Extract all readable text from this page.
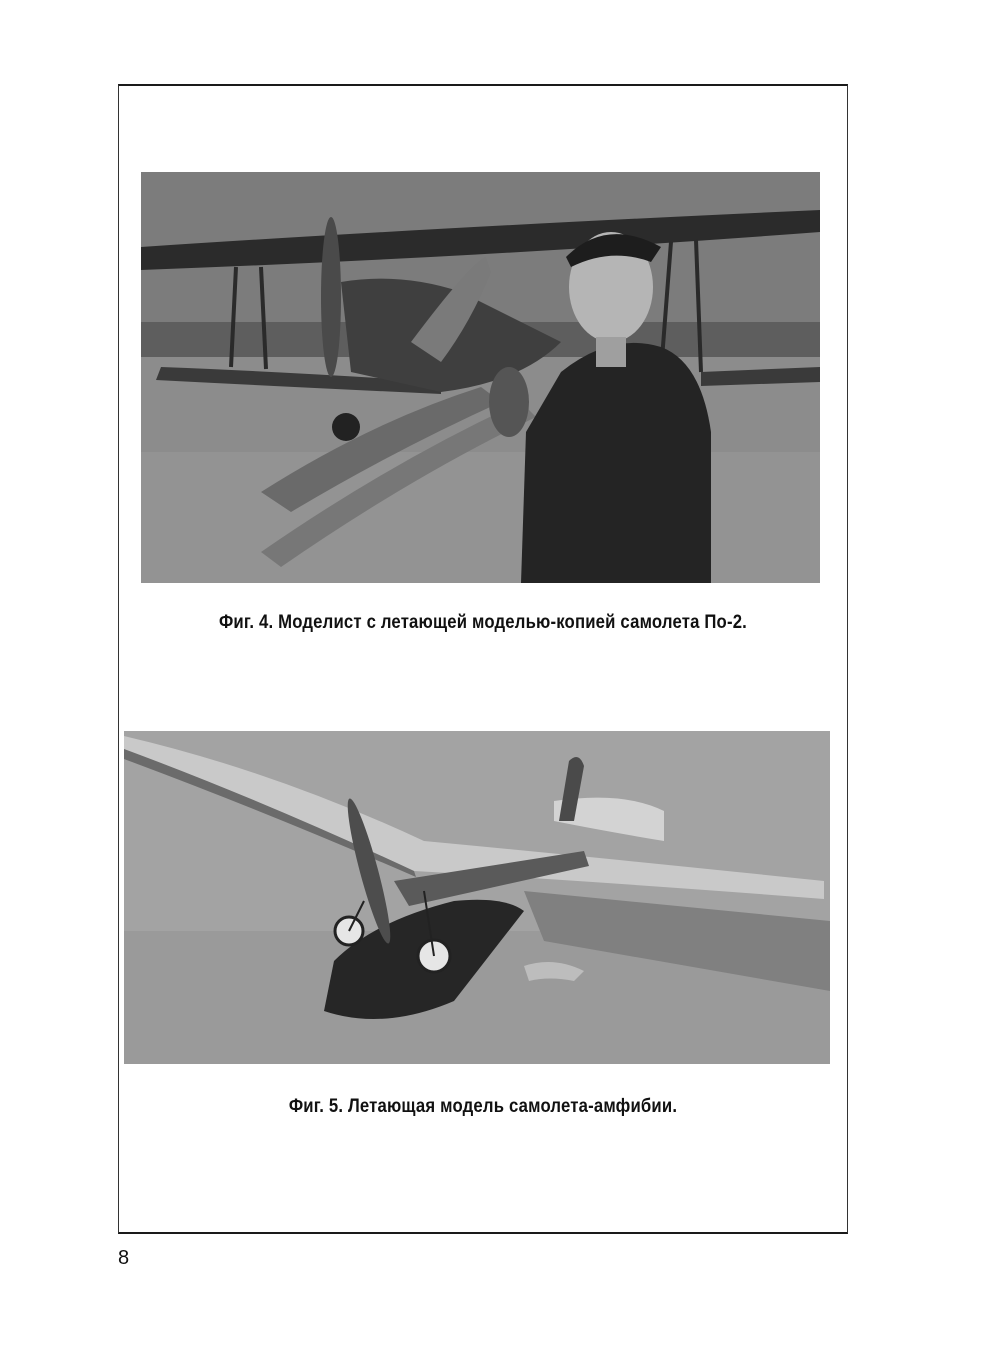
Фиг. 4. Моделист с летающей моделью-копией самолета По-2.
Фиг. 5. Летающая модель самолета-амфибии.
8
